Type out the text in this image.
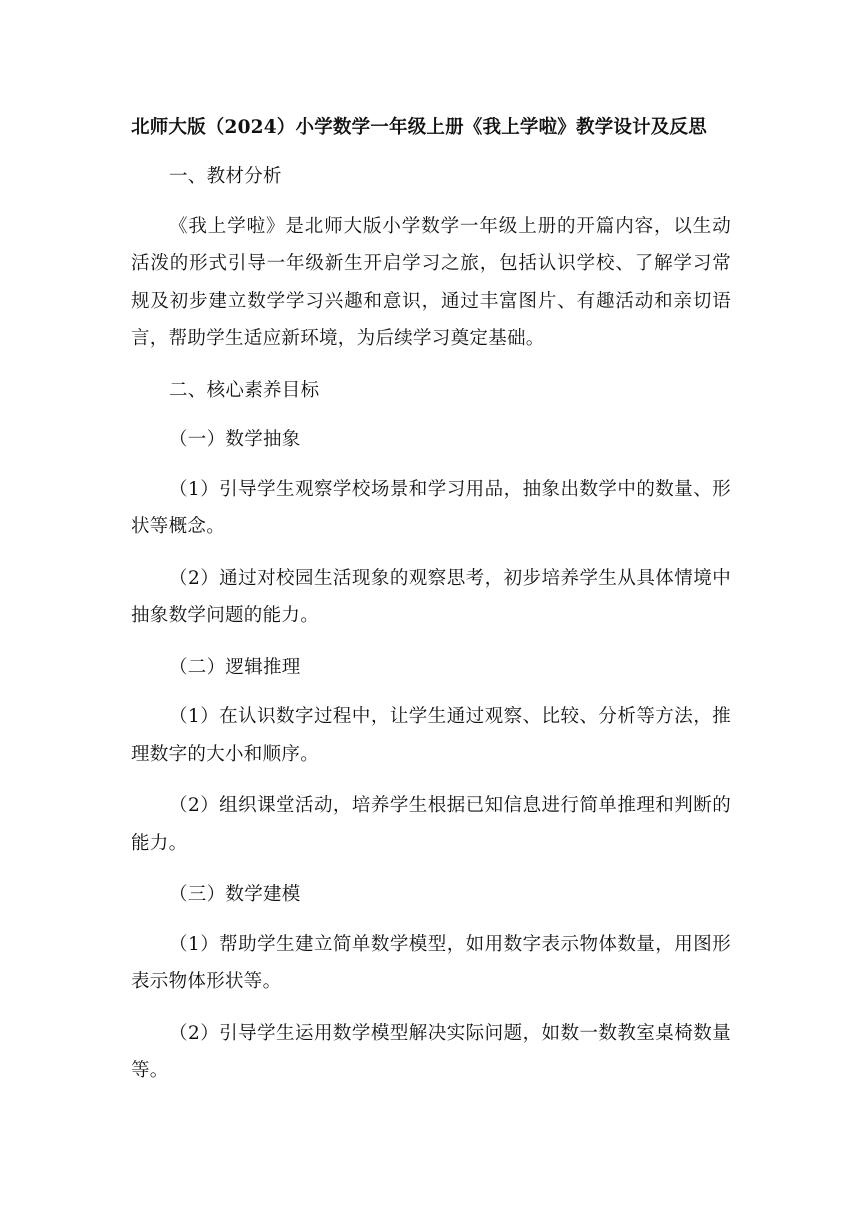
北师大版（2024）小学数学一年级上册《我上学啦》教学设计及反思

一、教材分析

《我上学啦》是北师大版小学数学一年级上册的开篇内容，以生动活泼的形式引导一年级新生开启学习之旅，包括认识学校、了解学习常规及初步建立数学学习兴趣和意识，通过丰富图片、有趣活动和亲切语言，帮助学生适应新环境，为后续学习奠定基础。

二、核心素养目标

（一）数学抽象

（1）引导学生观察学校场景和学习用品，抽象出数学中的数量、形状等概念。

（2）通过对校园生活现象的观察思考，初步培养学生从具体情境中抽象数学问题的能力。

（二）逻辑推理

（1）在认识数字过程中，让学生通过观察、比较、分析等方法，推理数字的大小和顺序。

（2）组织课堂活动，培养学生根据已知信息进行简单推理和判断的能力。

（三）数学建模

（1）帮助学生建立简单数学模型，如用数字表示物体数量，用图形表示物体形状等。

（2）引导学生运用数学模型解决实际问题，如数一数教室桌椅数量等。
